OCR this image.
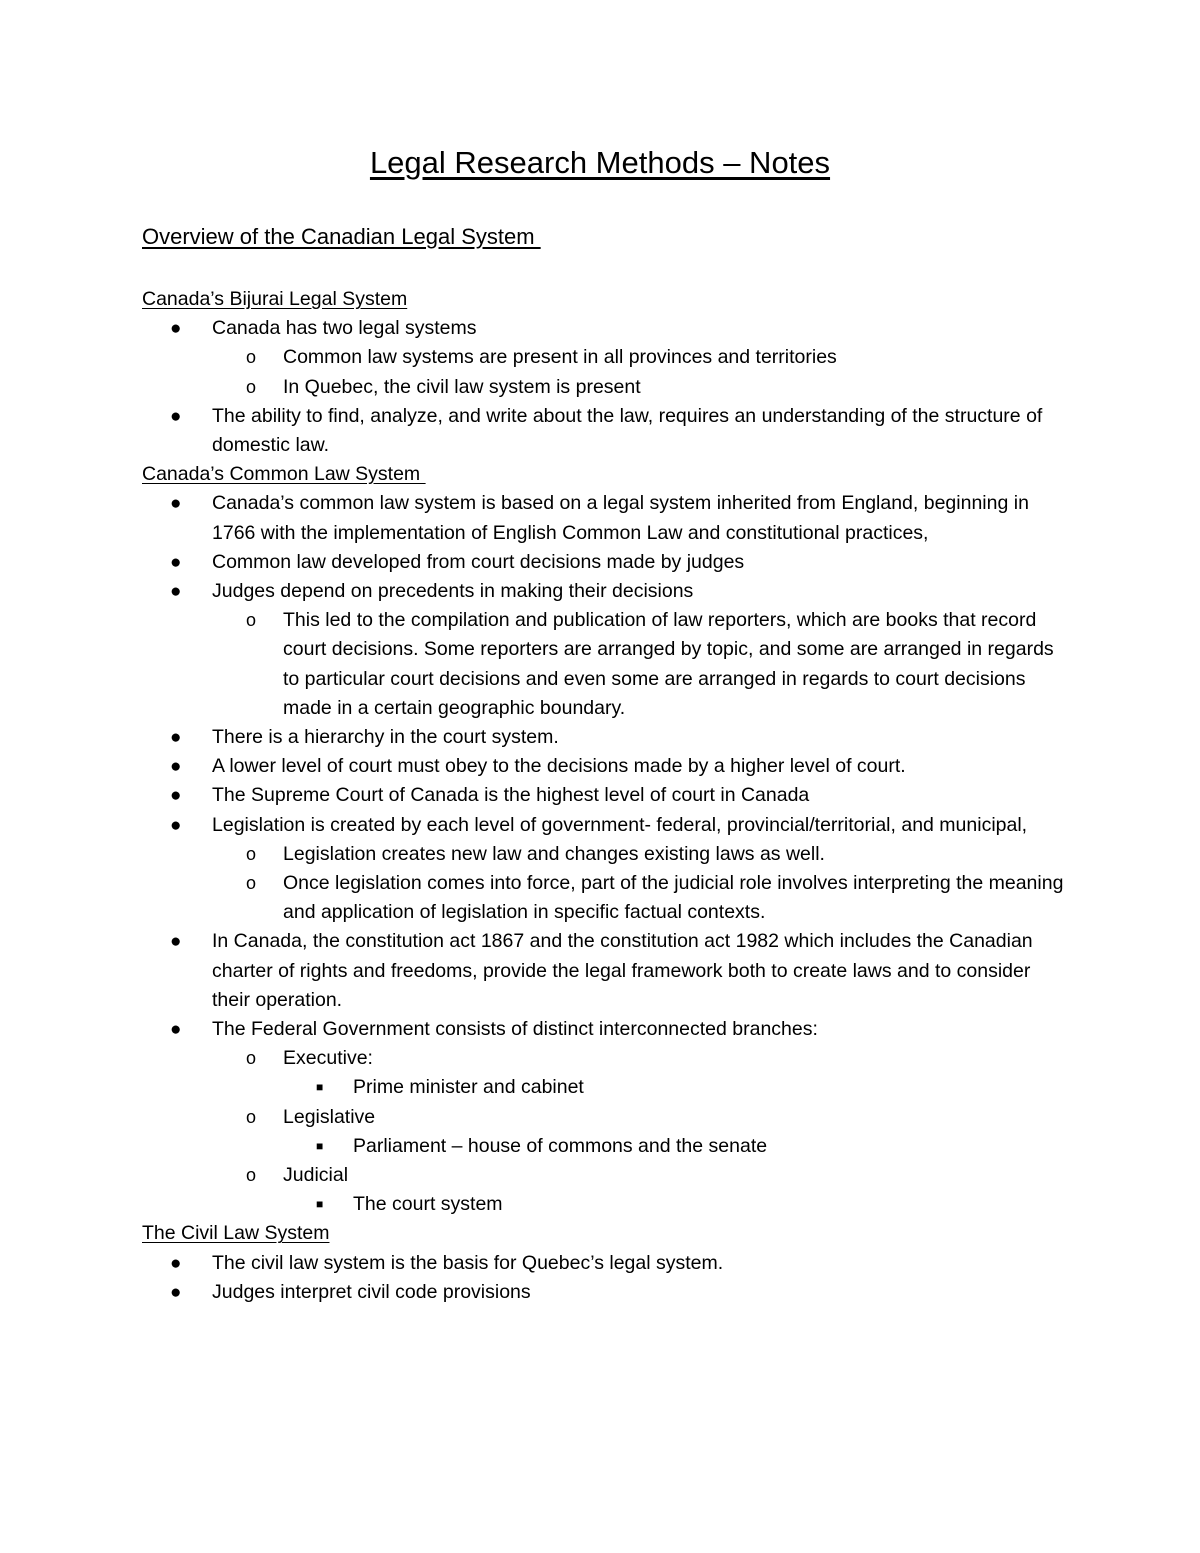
Legal Research Methods – Notes
Overview of the Canadian Legal System
Canada’s Bijurai Legal System
● Canada has two legal systems
o Common law systems are present in all provinces and territories
o In Quebec, the civil law system is present
● The ability to find, analyze, and write about the law, requires an understanding of the structure of domestic law.
Canada’s Common Law System
● Canada’s common law system is based on a legal system inherited from England, beginning in 1766 with the implementation of English Common Law and constitutional practices,
● Common law developed from court decisions made by judges
● Judges depend on precedents in making their decisions
o This led to the compilation and publication of law reporters, which are books that record court decisions. Some reporters are arranged by topic, and some are arranged in regards to particular court decisions and even some are arranged in regards to court decisions made in a certain geographic boundary.
● There is a hierarchy in the court system.
● A lower level of court must obey to the decisions made by a higher level of court.
● The Supreme Court of Canada is the highest level of court in Canada
● Legislation is created by each level of government- federal, provincial/territorial, and municipal,
o Legislation creates new law and changes existing laws as well.
o Once legislation comes into force, part of the judicial role involves interpreting the meaning and application of legislation in specific factual contexts.
● In Canada, the constitution act 1867 and the constitution act 1982 which includes the Canadian charter of rights and freedoms, provide the legal framework both to create laws and to consider their operation.
● The Federal Government consists of distinct interconnected branches:
o Executive:
■ Prime minister and cabinet
o Legislative
■ Parliament – house of commons and the senate
o Judicial
■ The court system
The Civil Law System
● The civil law system is the basis for Quebec’s legal system.
● Judges interpret civil code provisions
